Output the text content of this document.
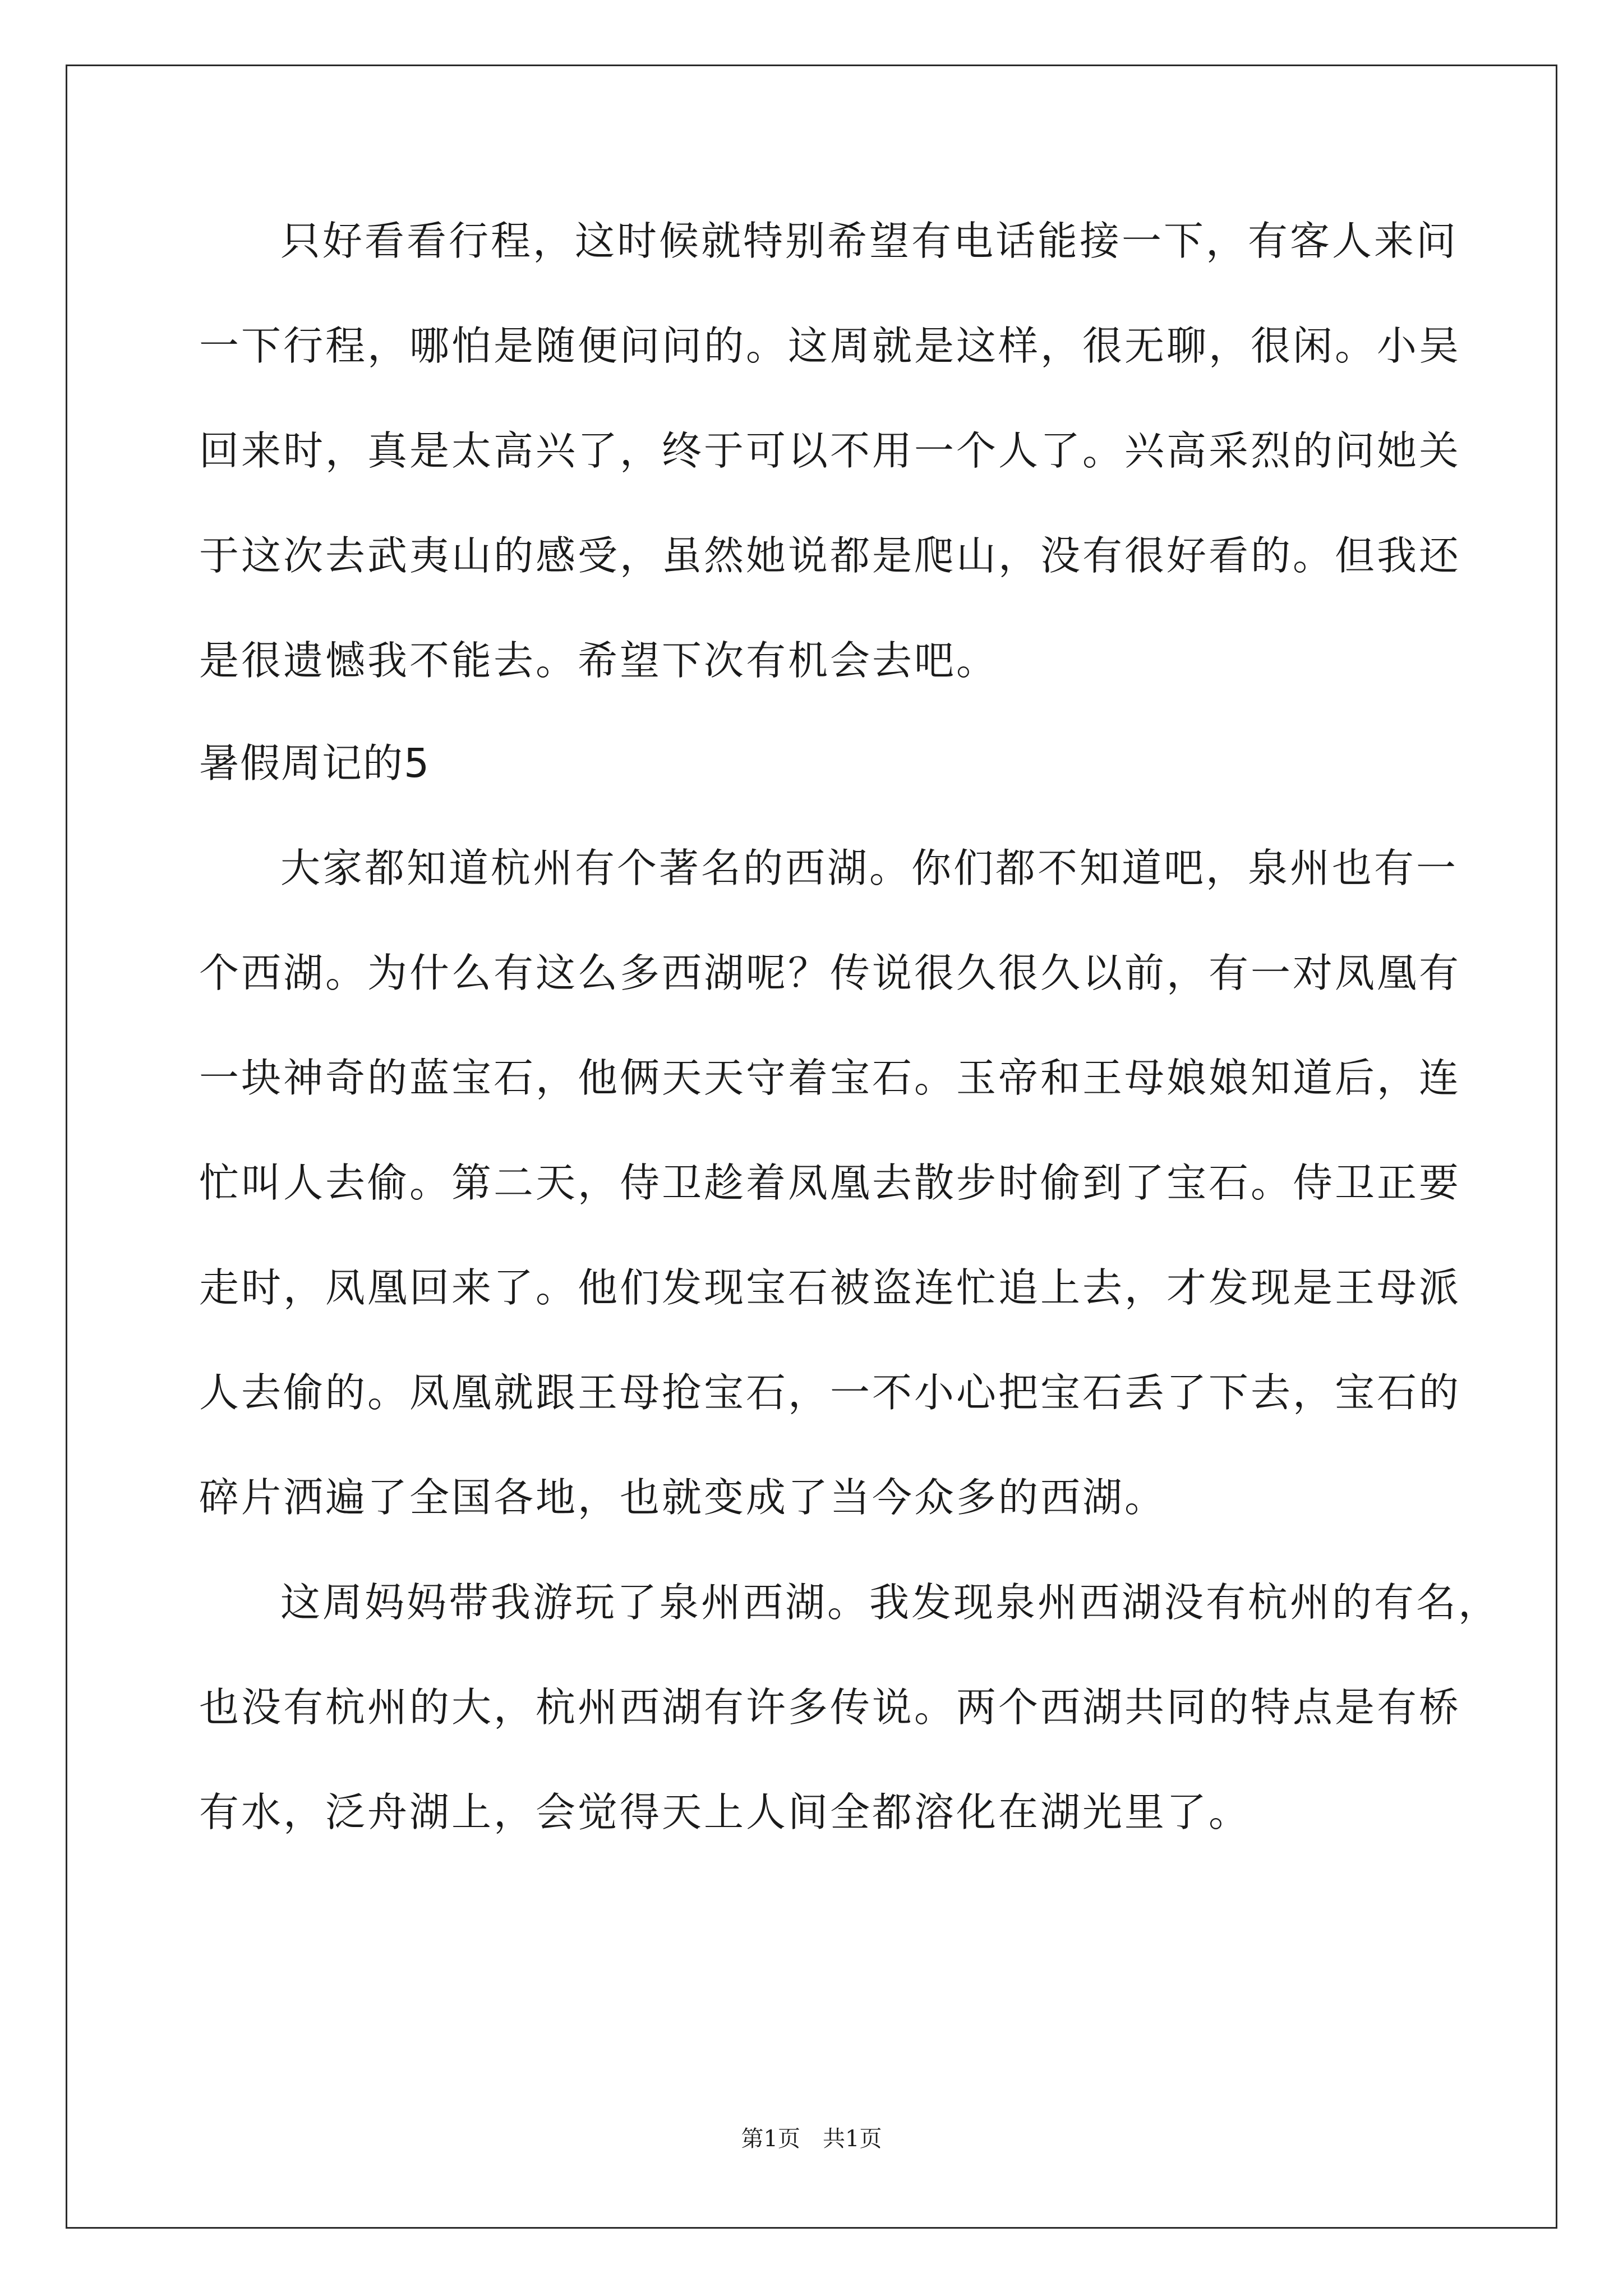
只好看看行程，这时候就特别希望有电话能接一下，有客人来问
一下行程，哪怕是随便问问的。这周就是这样，很无聊，很闲。小吴
回来时，真是太高兴了，终于可以不用一个人了。兴高采烈的问她关
于这次去武夷山的感受，虽然她说都是爬山，没有很好看的。但我还
是很遗憾我不能去。希望下次有机会去吧。
暑假周记的5
大家都知道杭州有个著名的西湖。你们都不知道吧，泉州也有一
个西湖。为什么有这么多西湖呢？传说很久很久以前，有一对凤凰有
一块神奇的蓝宝石，他俩天天守着宝石。玉帝和王母娘娘知道后，连
忙叫人去偷。第二天，侍卫趁着凤凰去散步时偷到了宝石。侍卫正要
走时，凤凰回来了。他们发现宝石被盗连忙追上去，才发现是王母派
人去偷的。凤凰就跟王母抢宝石，一不小心把宝石丢了下去，宝石的
碎片洒遍了全国各地，也就变成了当今众多的西湖。
这周妈妈带我游玩了泉州西湖。我发现泉州西湖没有杭州的有名，
也没有杭州的大，杭州西湖有许多传说。两个西湖共同的特点是有桥
有水，泛舟湖上，会觉得天上人间全都溶化在湖光里了。
第1页　共1页
